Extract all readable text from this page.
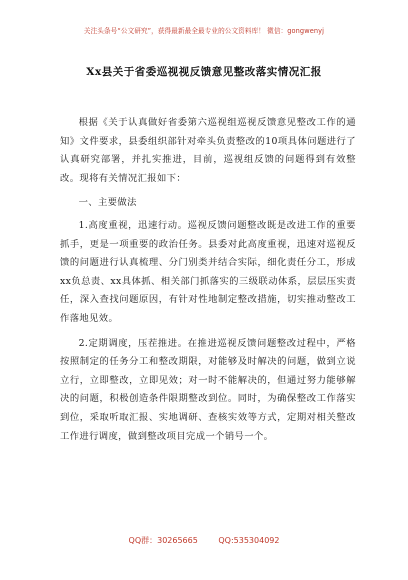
关注头条号“公文研究”，获得最新最全最专业的公文资料库！ 微信：gongwenyj
Xx县关于省委巡视视反馈意见整改落实情况汇报

根据《关于认真做好省委第六巡视组巡视反馈意见整改工作的通知》文件要求，县委组织部针对牵头负责整改的10项具体问题进行了认真研究部署，并扎实推进，目前，巡视组反馈的问题得到有效整改。现将有关情况汇报如下：

一、主要做法

1.高度重视，迅速行动。巡视反馈问题整改既是改进工作的重要抓手，更是一项重要的政治任务。县委对此高度重视，迅速对巡视反馈的问题进行认真梳理、分门别类并结合实际，细化责任分工，形成xx负总责、xx具体抓、相关部门抓落实的三级联动体系，层层压实责任，深入查找问题原因，有针对性地制定整改措施，切实推动整改工作落地见效。

2.定期调度，压茬推进。在推进巡视反馈问题整改过程中，严格按照制定的任务分工和整改期限，对能够及时解决的问题，做到立说立行，立即整改，立即见效；对一时不能解决的，但通过努力能够解决的问题，积极创造条件限期整改到位。同时，为确保整改工作落实到位，采取听取汇报、实地调研、查核实效等方式，定期对相关整改工作进行调度，做到整改项目完成一个销号一个。

QQ群：30265665 QQ:535304092
